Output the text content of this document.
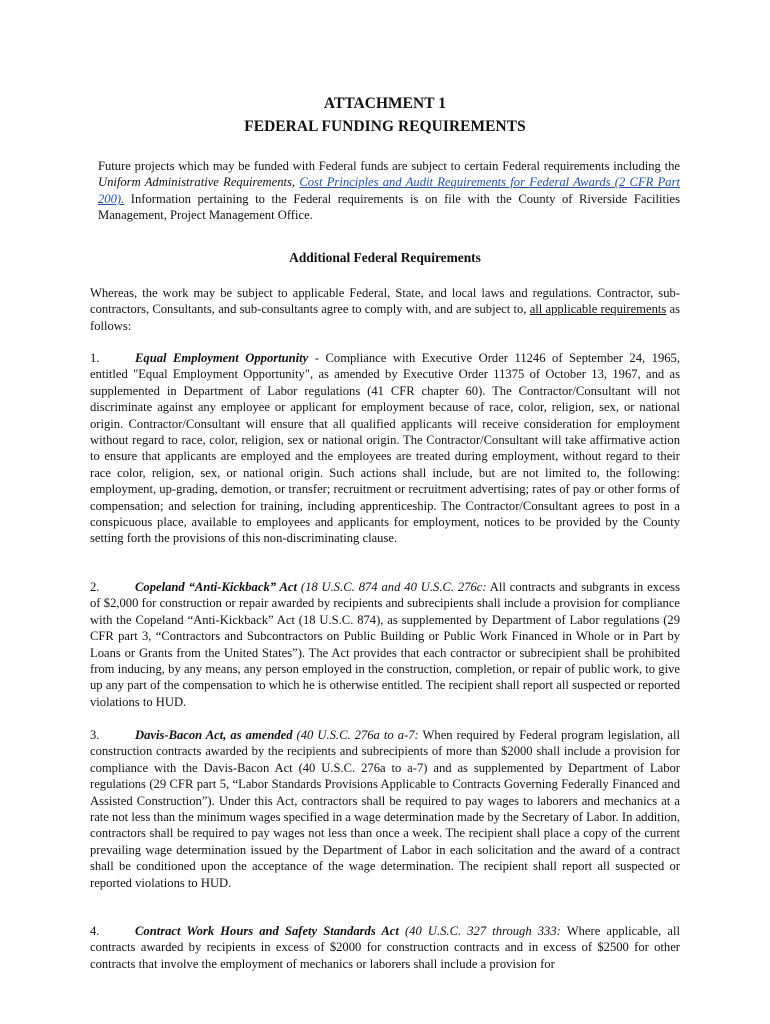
ATTACHMENT 1
FEDERAL FUNDING REQUIREMENTS
Future projects which may be funded with Federal funds are subject to certain Federal requirements including the Uniform Administrative Requirements, Cost Principles and Audit Requirements for Federal Awards (2 CFR Part 200). Information pertaining to the Federal requirements is on file with the County of Riverside Facilities Management, Project Management Office.
Additional Federal Requirements
Whereas, the work may be subject to applicable Federal, State, and local laws and regulations. Contractor, sub-contractors, Consultants, and sub-consultants agree to comply with, and are subject to, all applicable requirements as follows:
1.	Equal Employment Opportunity - Compliance with Executive Order 11246 of September 24, 1965, entitled "Equal Employment Opportunity", as amended by Executive Order 11375 of October 13, 1967, and as supplemented in Department of Labor regulations (41 CFR chapter 60). The Contractor/Consultant will not discriminate against any employee or applicant for employment because of race, color, religion, sex, or national origin. Contractor/Consultant will ensure that all qualified applicants will receive consideration for employment without regard to race, color, religion, sex or national origin. The Contractor/Consultant will take affirmative action to ensure that applicants are employed and the employees are treated during employment, without regard to their race color, religion, sex, or national origin. Such actions shall include, but are not limited to, the following: employment, up-grading, demotion, or transfer; recruitment or recruitment advertising; rates of pay or other forms of compensation; and selection for training, including apprenticeship. The Contractor/Consultant agrees to post in a conspicuous place, available to employees and applicants for employment, notices to be provided by the County setting forth the provisions of this non-discriminating clause.
2.	Copeland “Anti-Kickback” Act (18 U.S.C. 874 and 40 U.S.C. 276c: All contracts and subgrants in excess of $2,000 for construction or repair awarded by recipients and subrecipients shall include a provision for compliance with the Copeland “Anti-Kickback” Act (18 U.S.C. 874), as supplemented by Department of Labor regulations (29 CFR part 3, “Contractors and Subcontractors on Public Building or Public Work Financed in Whole or in Part by Loans or Grants from the United States”). The Act provides that each contractor or subrecipient shall be prohibited from inducing, by any means, any person employed in the construction, completion, or repair of public work, to give up any part of the compensation to which he is otherwise entitled. The recipient shall report all suspected or reported violations to HUD.
3.	Davis-Bacon Act, as amended (40 U.S.C. 276a to a-7: When required by Federal program legislation, all construction contracts awarded by the recipients and subrecipients of more than $2000 shall include a provision for compliance with the Davis-Bacon Act (40 U.S.C. 276a to a-7) and as supplemented by Department of Labor regulations (29 CFR part 5, “Labor Standards Provisions Applicable to Contracts Governing Federally Financed and Assisted Construction”). Under this Act, contractors shall be required to pay wages to laborers and mechanics at a rate not less than the minimum wages specified in a wage determination made by the Secretary of Labor. In addition, contractors shall be required to pay wages not less than once a week. The recipient shall place a copy of the current prevailing wage determination issued by the Department of Labor in each solicitation and the award of a contract shall be conditioned upon the acceptance of the wage determination. The recipient shall report all suspected or reported violations to HUD.
4.	Contract Work Hours and Safety Standards Act (40 U.S.C. 327 through 333: Where applicable, all contracts awarded by recipients in excess of $2000 for construction contracts and in excess of $2500 for other contracts that involve the employment of mechanics or laborers shall include a provision for
